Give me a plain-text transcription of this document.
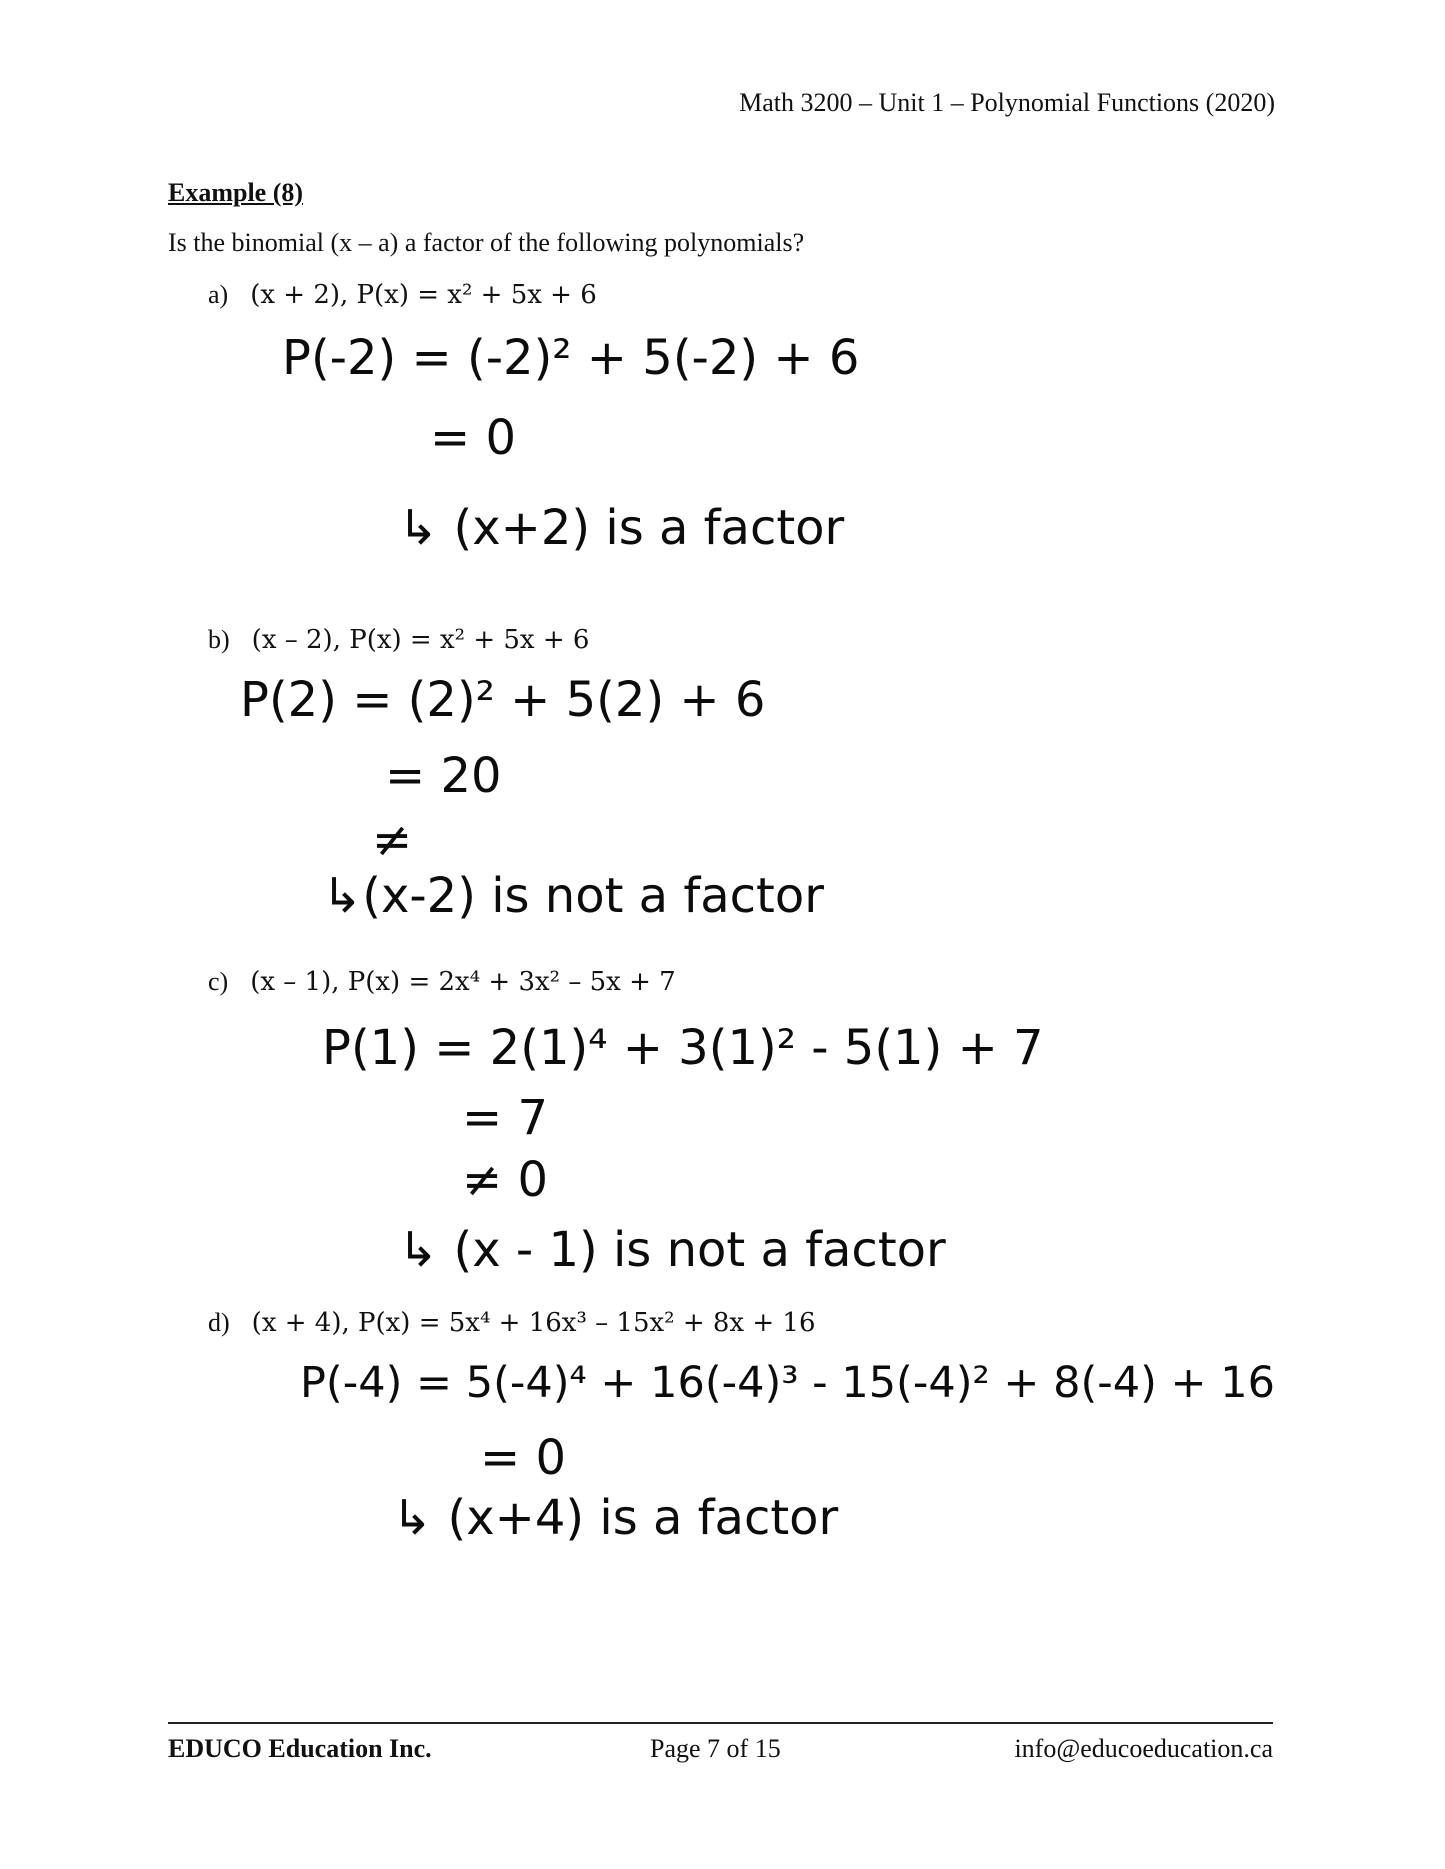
Math 3200 – Unit 1 – Polynomial Functions (2020)
Example (8)
Is the binomial (x – a) a factor of the following polynomials?
a) (x + 2), P(x) = x² + 5x + 6
P(-2) = (-2)² + 5(-2) + 6
= 0
↳ (x+2) is a factor
b) (x – 2), P(x) = x² + 5x + 6
P(2) = (2)² + 5(2) + 6
= 20
≠
↳(x-2) is not a factor
c) (x – 1), P(x) = 2x⁴ + 3x² – 5x + 7
P(1) = 2(1)⁴ + 3(1)² - 5(1) + 7
= 7
≠ 0
↳ (x - 1) is not a factor
d) (x + 4), P(x) = 5x⁴ + 16x³ – 15x² + 8x + 16
P(-4) = 5(-4)⁴ + 16(-4)³ - 15(-4)² + 8(-4) + 16
= 0
↳ (x+4) is a factor
EDUCO Education Inc.	Page 7 of 15	info@educoeducation.ca
